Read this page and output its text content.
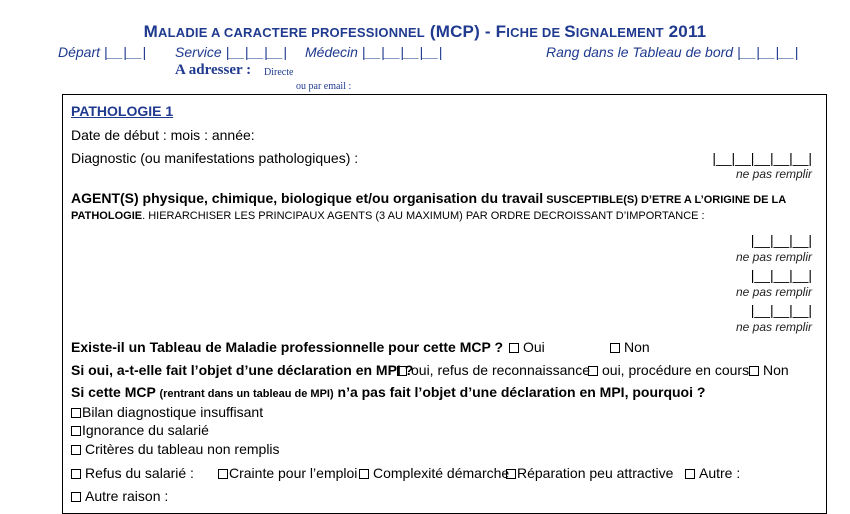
MALADIE A CARACTERE PROFESSIONNEL (MCP) - FICHE DE SIGNALEMENT 2011
Départ |__|__| Service |__|__|__| Médecin |__|__|__|__|	Rang dans le Tableau de bord |__|__|__|
A adresser : Directe
ou par email :
PATHOLOGIE 1
Date de début : mois : année:
Diagnostic (ou manifestations pathologiques) :	|__|__|__|__|__|
ne pas remplir
AGENT(S) physique, chimique, biologique et/ou organisation du travail SUSCEPTIBLE(S) D’ETRE A L’ORIGINE DE LA
PATHOLOGIE. HIERARCHISER LES PRINCIPAUX AGENTS (3 AU MAXIMUM) PAR ORDRE DECROISSANT D’IMPORTANCE :
|__|__|__|
ne pas remplir
|__|__|__|
ne pas remplir
|__|__|__|
ne pas remplir
Existe-il un Tableau de Maladie professionnelle pour cette MCP ?	Oui	Non
Si oui, a-t-elle fait l’objet d’une déclaration en MPI ?
oui, refus de reconnaissance oui, procédure en cours Non
Si cette MCP (rentrant dans un tableau de MPI) n’a pas fait l’objet d’une déclaration en MPI, pourquoi ?
Bilan diagnostique insuffisant
Ignorance du salarié
Critères du tableau non remplis
Refus du salarié :	Crainte pour l’emploi	Complexité démarche Réparation peu attractive	Autre :
Autre raison :
